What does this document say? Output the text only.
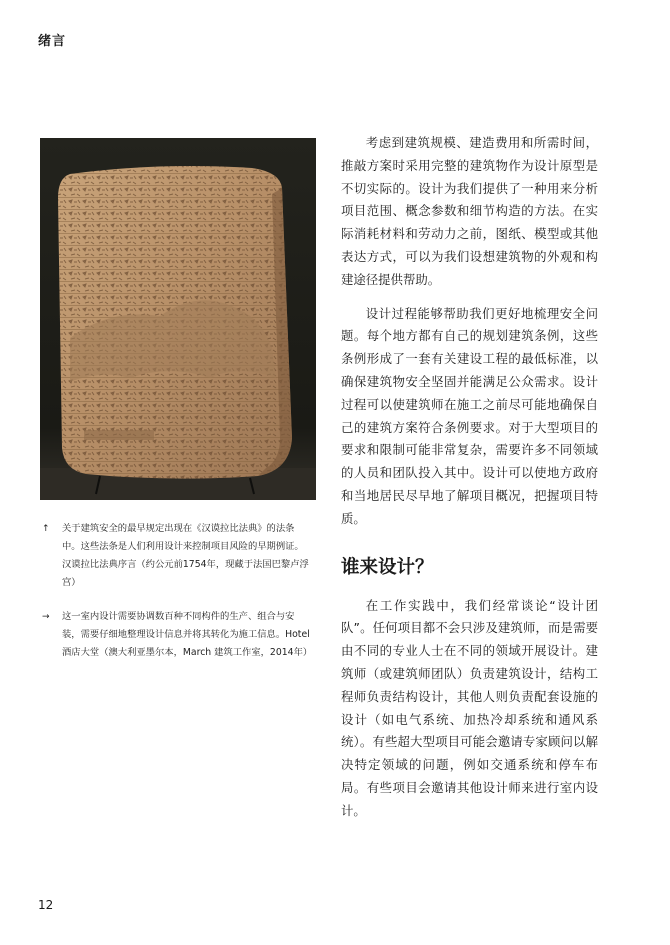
绪言

↑ 关于建筑安全的最早规定出现在《汉谟拉比法典》的法条中。这些法条是人们利用设计来控制项目风险的早期例证。汉谟拉比法典序言（约公元前1754年，现藏于法国巴黎卢浮宫）

→ 这一室内设计需要协调数百种不同构件的生产、组合与安装，需要仔细地整理设计信息并将其转化为施工信息。Hotel 酒店大堂（澳大利亚墨尔本，March 建筑工作室，2014年）

考虑到建筑规模、建造费用和所需时间，推敲方案时采用完整的建筑物作为设计原型是不切实际的。设计为我们提供了一种用来分析项目范围、概念参数和细节构造的方法。在实际消耗材料和劳动力之前，图纸、模型或其他表达方式，可以为我们设想建筑物的外观和构建途径提供帮助。

设计过程能够帮助我们更好地梳理安全问题。每个地方都有自己的规划建筑条例，这些条例形成了一套有关建设工程的最低标准，以确保建筑物安全坚固并能满足公众需求。设计过程可以使建筑师在施工之前尽可能地确保自己的建筑方案符合条例要求。对于大型项目的要求和限制可能非常复杂，需要许多不同领域的人员和团队投入其中。设计可以使地方政府和当地居民尽早地了解项目概况，把握项目特质。

谁来设计？

在工作实践中，我们经常谈论“设计团队”。任何项目都不会只涉及建筑师，而是需要由不同的专业人士在不同的领域开展设计。建筑师（或建筑师团队）负责建筑设计，结构工程师负责结构设计，其他人则负责配套设施的设计（如电气系统、加热冷却系统和通风系统）。有些超大型项目可能会邀请专家顾问以解决特定领域的问题，例如交通系统和停车布局。有些项目会邀请其他设计师来进行室内设计。

12
